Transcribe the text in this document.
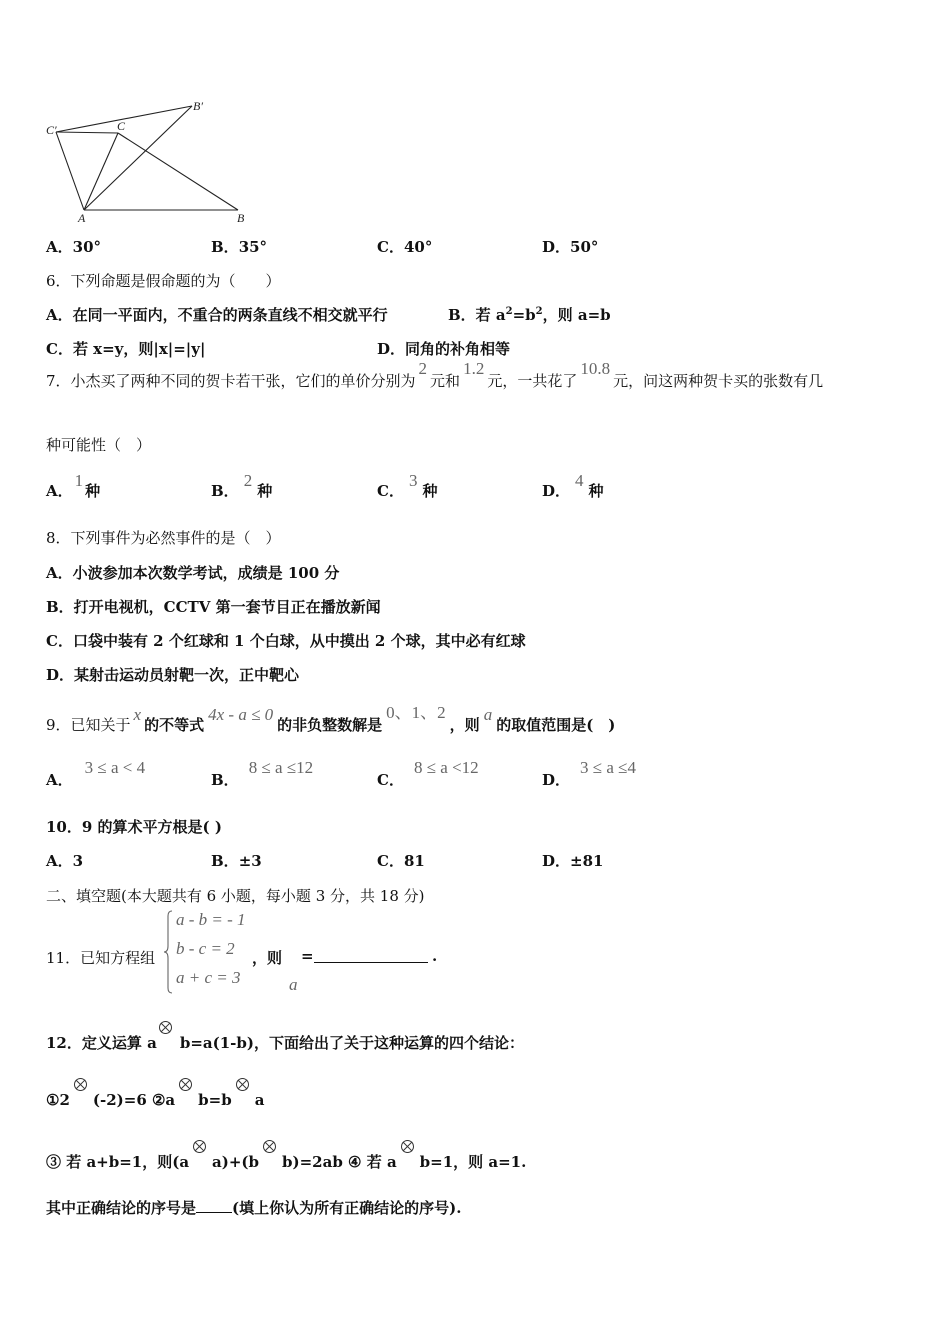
C′	C
B′
A	B
A．30°	B．35°	C．40°	D．50°
6．下列命题是假命题的为（　　）
A．在同一平面内，不重合的两条直线不相交就平行	B．若 $a^2=b^2$，则 a=b
C．若 x=y，则|x|=|y|	D．同角的补角相等
7．小杰买了两种不同的贺卡若干张，它们的单价分别为2元和1.2元，一共花了10.8元，问这两种贺卡买的张数有几
种可能性（　）
A．1种	B．2种	C．3种	D．4种
8．下列事件为必然事件的是（　）
A．小波参加本次数学考试，成绩是 100 分
B．打开电视机，CCTV 第一套节目正在播放新闻
C．口袋中装有 2 个红球和 1 个白球，从中摸出 2 个球，其中必有红球
D．某射击运动员射靶一次，正中靶心
9．已知关于x的不等式4x - a ≤ 0的非负整数解是0、1、2，则a的取值范围是(　)
A．3 ≤ a < 4
B．8 ≤ a ≤12
C．8 ≤ a <12
D．3 ≤ a ≤4
10．9 的算术平方根是( )
A．3	B．±3	C．81	D．±81
二、填空题(本大题共有 6 小题，每小题 3 分，共 18 分)
11．已知方程组
a - b = - 1
b - c = 2
a + c = 3
，则
a
=	.
12．定义运算 a b=a(1-b)，下面给出了关于这种运算的四个结论：
①2 (-2)=6 ②a b=b a
③ 若 a+b=1，则(a a)+(b b)=2ab ④ 若 a b=1，则 a=1.
其中正确结论的序号是 (填上你认为所有正确结论的序号).
